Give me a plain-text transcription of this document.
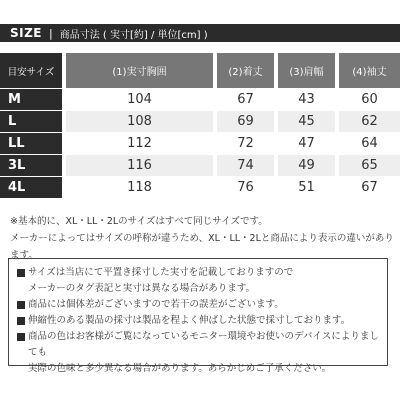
SIZE | 商品寸法 ( 実寸[約] / 単位[cm] )
目安サイズ	(1)実寸胸囲	(2)着丈	(3)肩幅	(4)袖丈
M	104	67	43	60
L	108	69	45	62
LL	112	72	47	64
3L	116	74	49	65
4L	118	76	51	67
※基本的に、XL・LL・2Lのサイズはすべて同じサイズです。
メーカーによってはサイズの呼称が違うため、XL・LL・2Lと商品により表示の違いがあります。
サイズは当店にて平置き採寸した実寸を記載しておりますので
メーカーのタグ表記と実寸は異なる場合があります。
商品には個体差がございますので若干の誤差がございます。
伸縮性のある製品の採寸は製品を程よく伸ばした状態で採寸しております。
商品の色はお客様がご覧になっているモニター環境やお使いのデバイスによりましても
実際の色味と多少異なる場合があります。あらかじめご了承ください。
